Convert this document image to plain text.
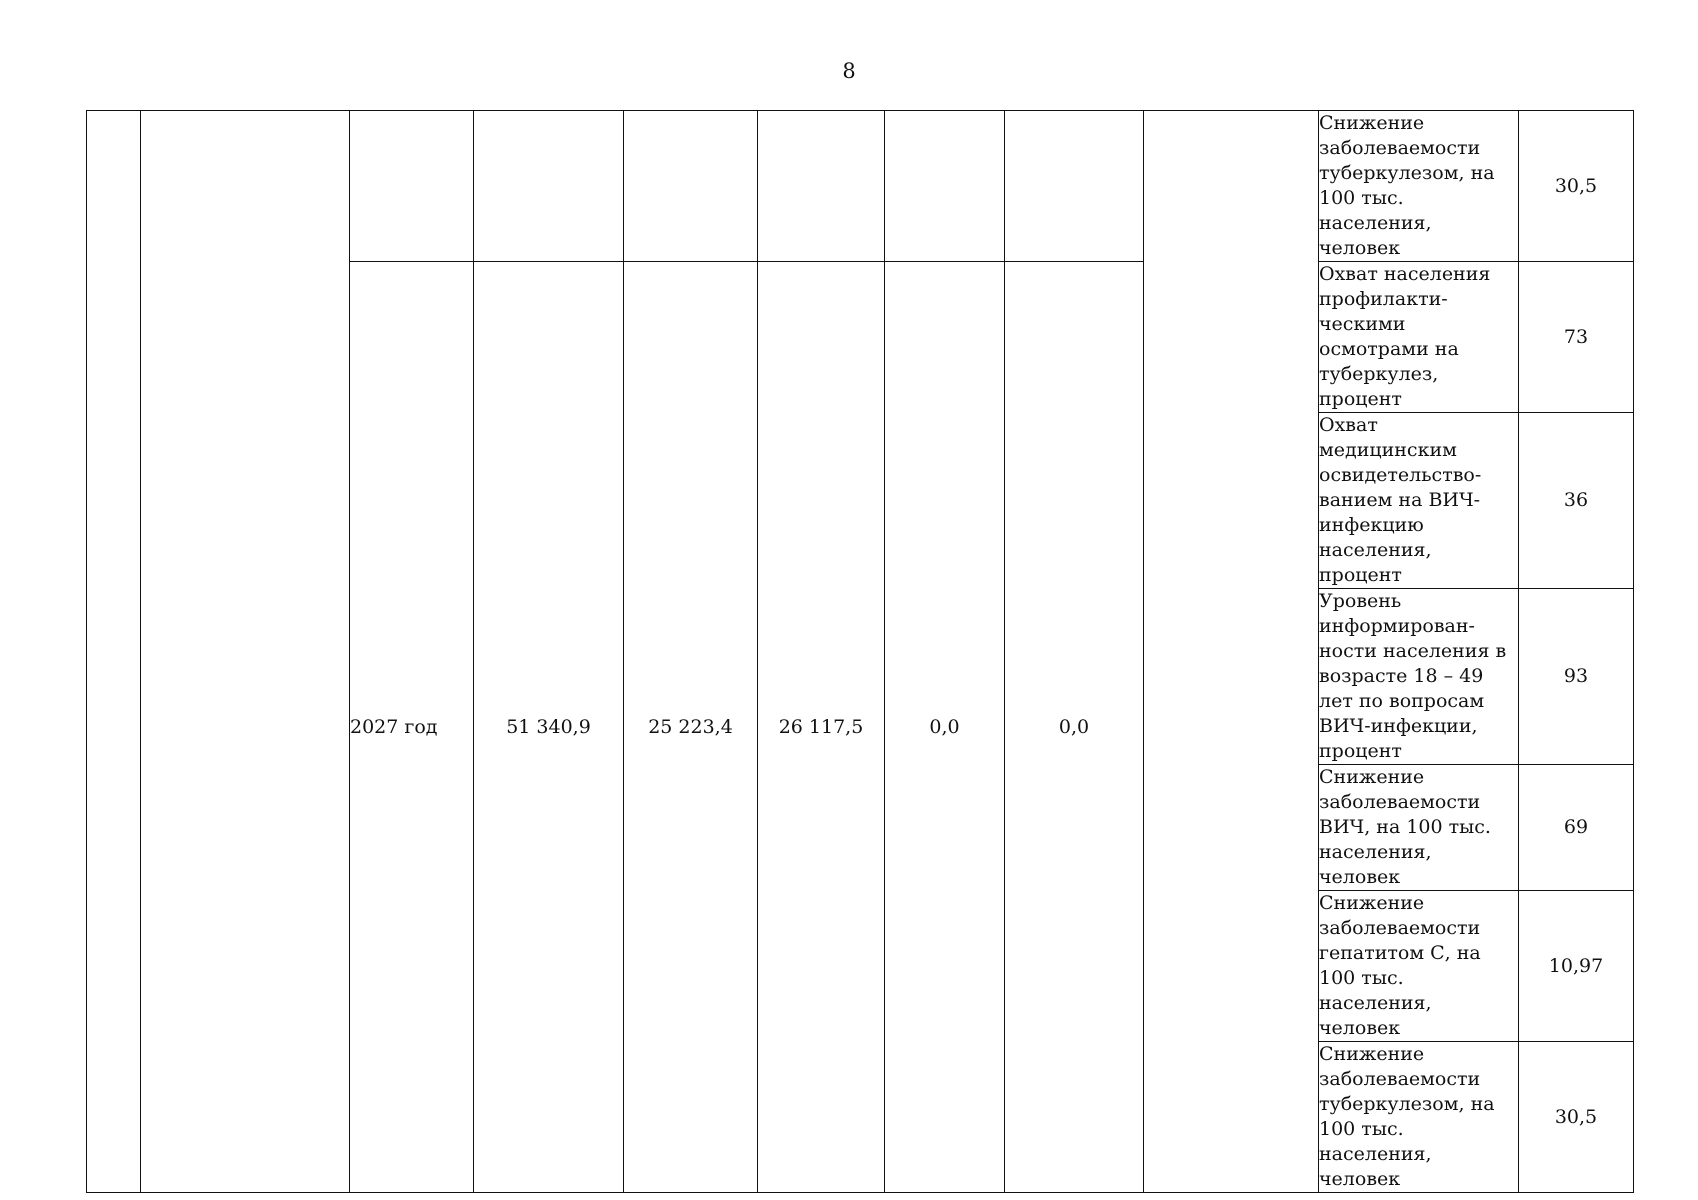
8
									Снижение заболеваемости туберкулезом, на 100 тыс. населения, человек	30,5
		2027 год	51 340,9	25 223,4	26 117,5	0,0	0,0		Охват населения профилакти-ческими осмотрами на туберкулез, процент	73
									Охват медицинским освидетельство-ванием на ВИЧ-инфекцию населения, процент	36
									Уровень информирован-ности населения в возрасте 18 – 49 лет по вопросам ВИЧ-инфекции, процент	93
									Снижение заболеваемости ВИЧ, на 100 тыс. населения, человек	69
									Снижение заболеваемости гепатитом С, на 100 тыс. населения, человек	10,97
									Снижение заболеваемости туберкулезом, на 100 тыс. населения, человек	30,5
